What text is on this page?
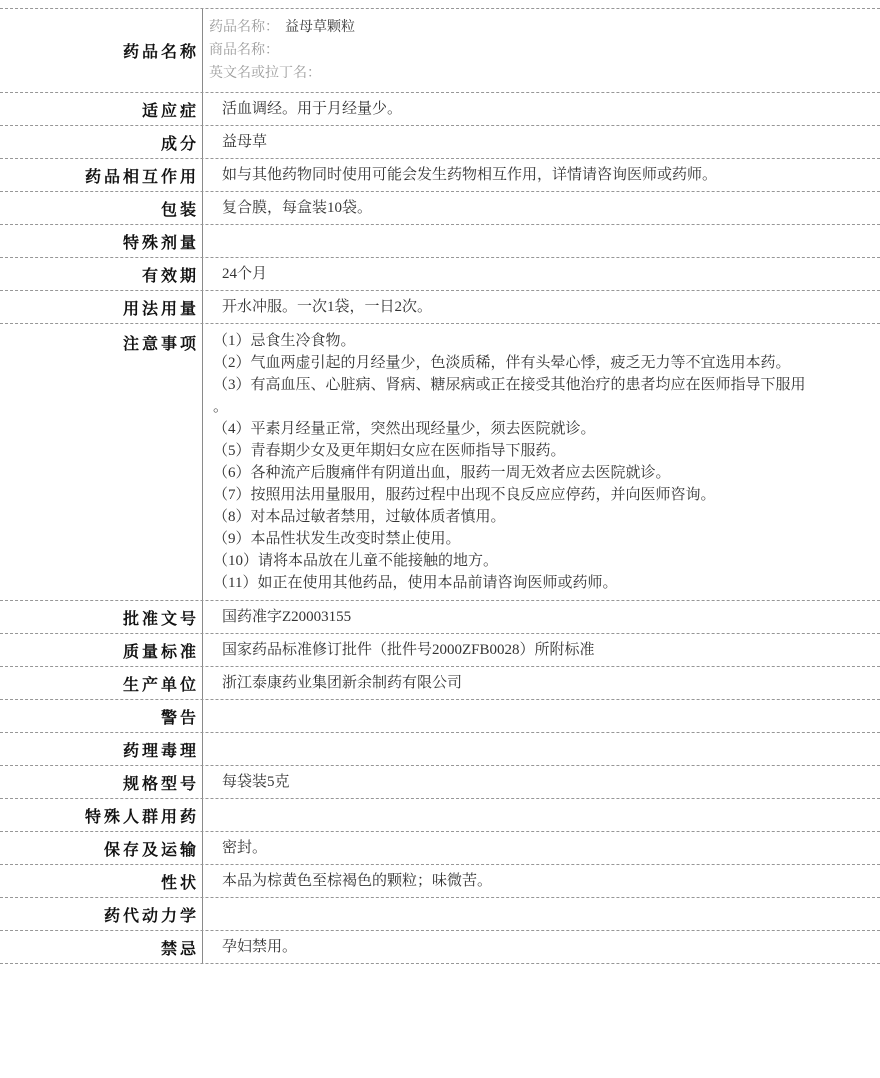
药品名称
药品名称： 益母草颗粒
商品名称：
英文名或拉丁名：
适应症	活血调经。用于月经量少。
成分	益母草
药品相互作用	如与其他药物同时使用可能会发生药物相互作用，详情请咨询医师或药师。
包装	复合膜，每盒装10袋。
特殊剂量
有效期	24个月
用法用量	开水冲服。一次1袋，一日2次。
注意事项 （1）忌食生冷食物。
（2）气血两虚引起的月经量少，色淡质稀，伴有头晕心悸，疲乏无力等不宜选用本药。
（3）有高血压、心脏病、肾病、糖尿病或正在接受其他治疗的患者均应在医师指导下服用
。
（4）平素月经量正常，突然出现经量少，须去医院就诊。
（5）青春期少女及更年期妇女应在医师指导下服药。
（6）各种流产后腹痛伴有阴道出血，服药一周无效者应去医院就诊。
（7）按照用法用量服用，服药过程中出现不良反应应停药，并向医师咨询。
（8）对本品过敏者禁用，过敏体质者慎用。
（9）本品性状发生改变时禁止使用。
（10）请将本品放在儿童不能接触的地方。
（11）如正在使用其他药品，使用本品前请咨询医师或药师。
批准文号	国药准字Z20003155
质量标准	国家药品标准修订批件（批件号2000ZFB0028）所附标准
生产单位	浙江泰康药业集团新余制药有限公司
警告
药理毒理
规格型号	每袋装5克
特殊人群用药
保存及运输	密封。
性状	本品为棕黄色至棕褐色的颗粒；味微苦。
药代动力学
禁忌	孕妇禁用。
